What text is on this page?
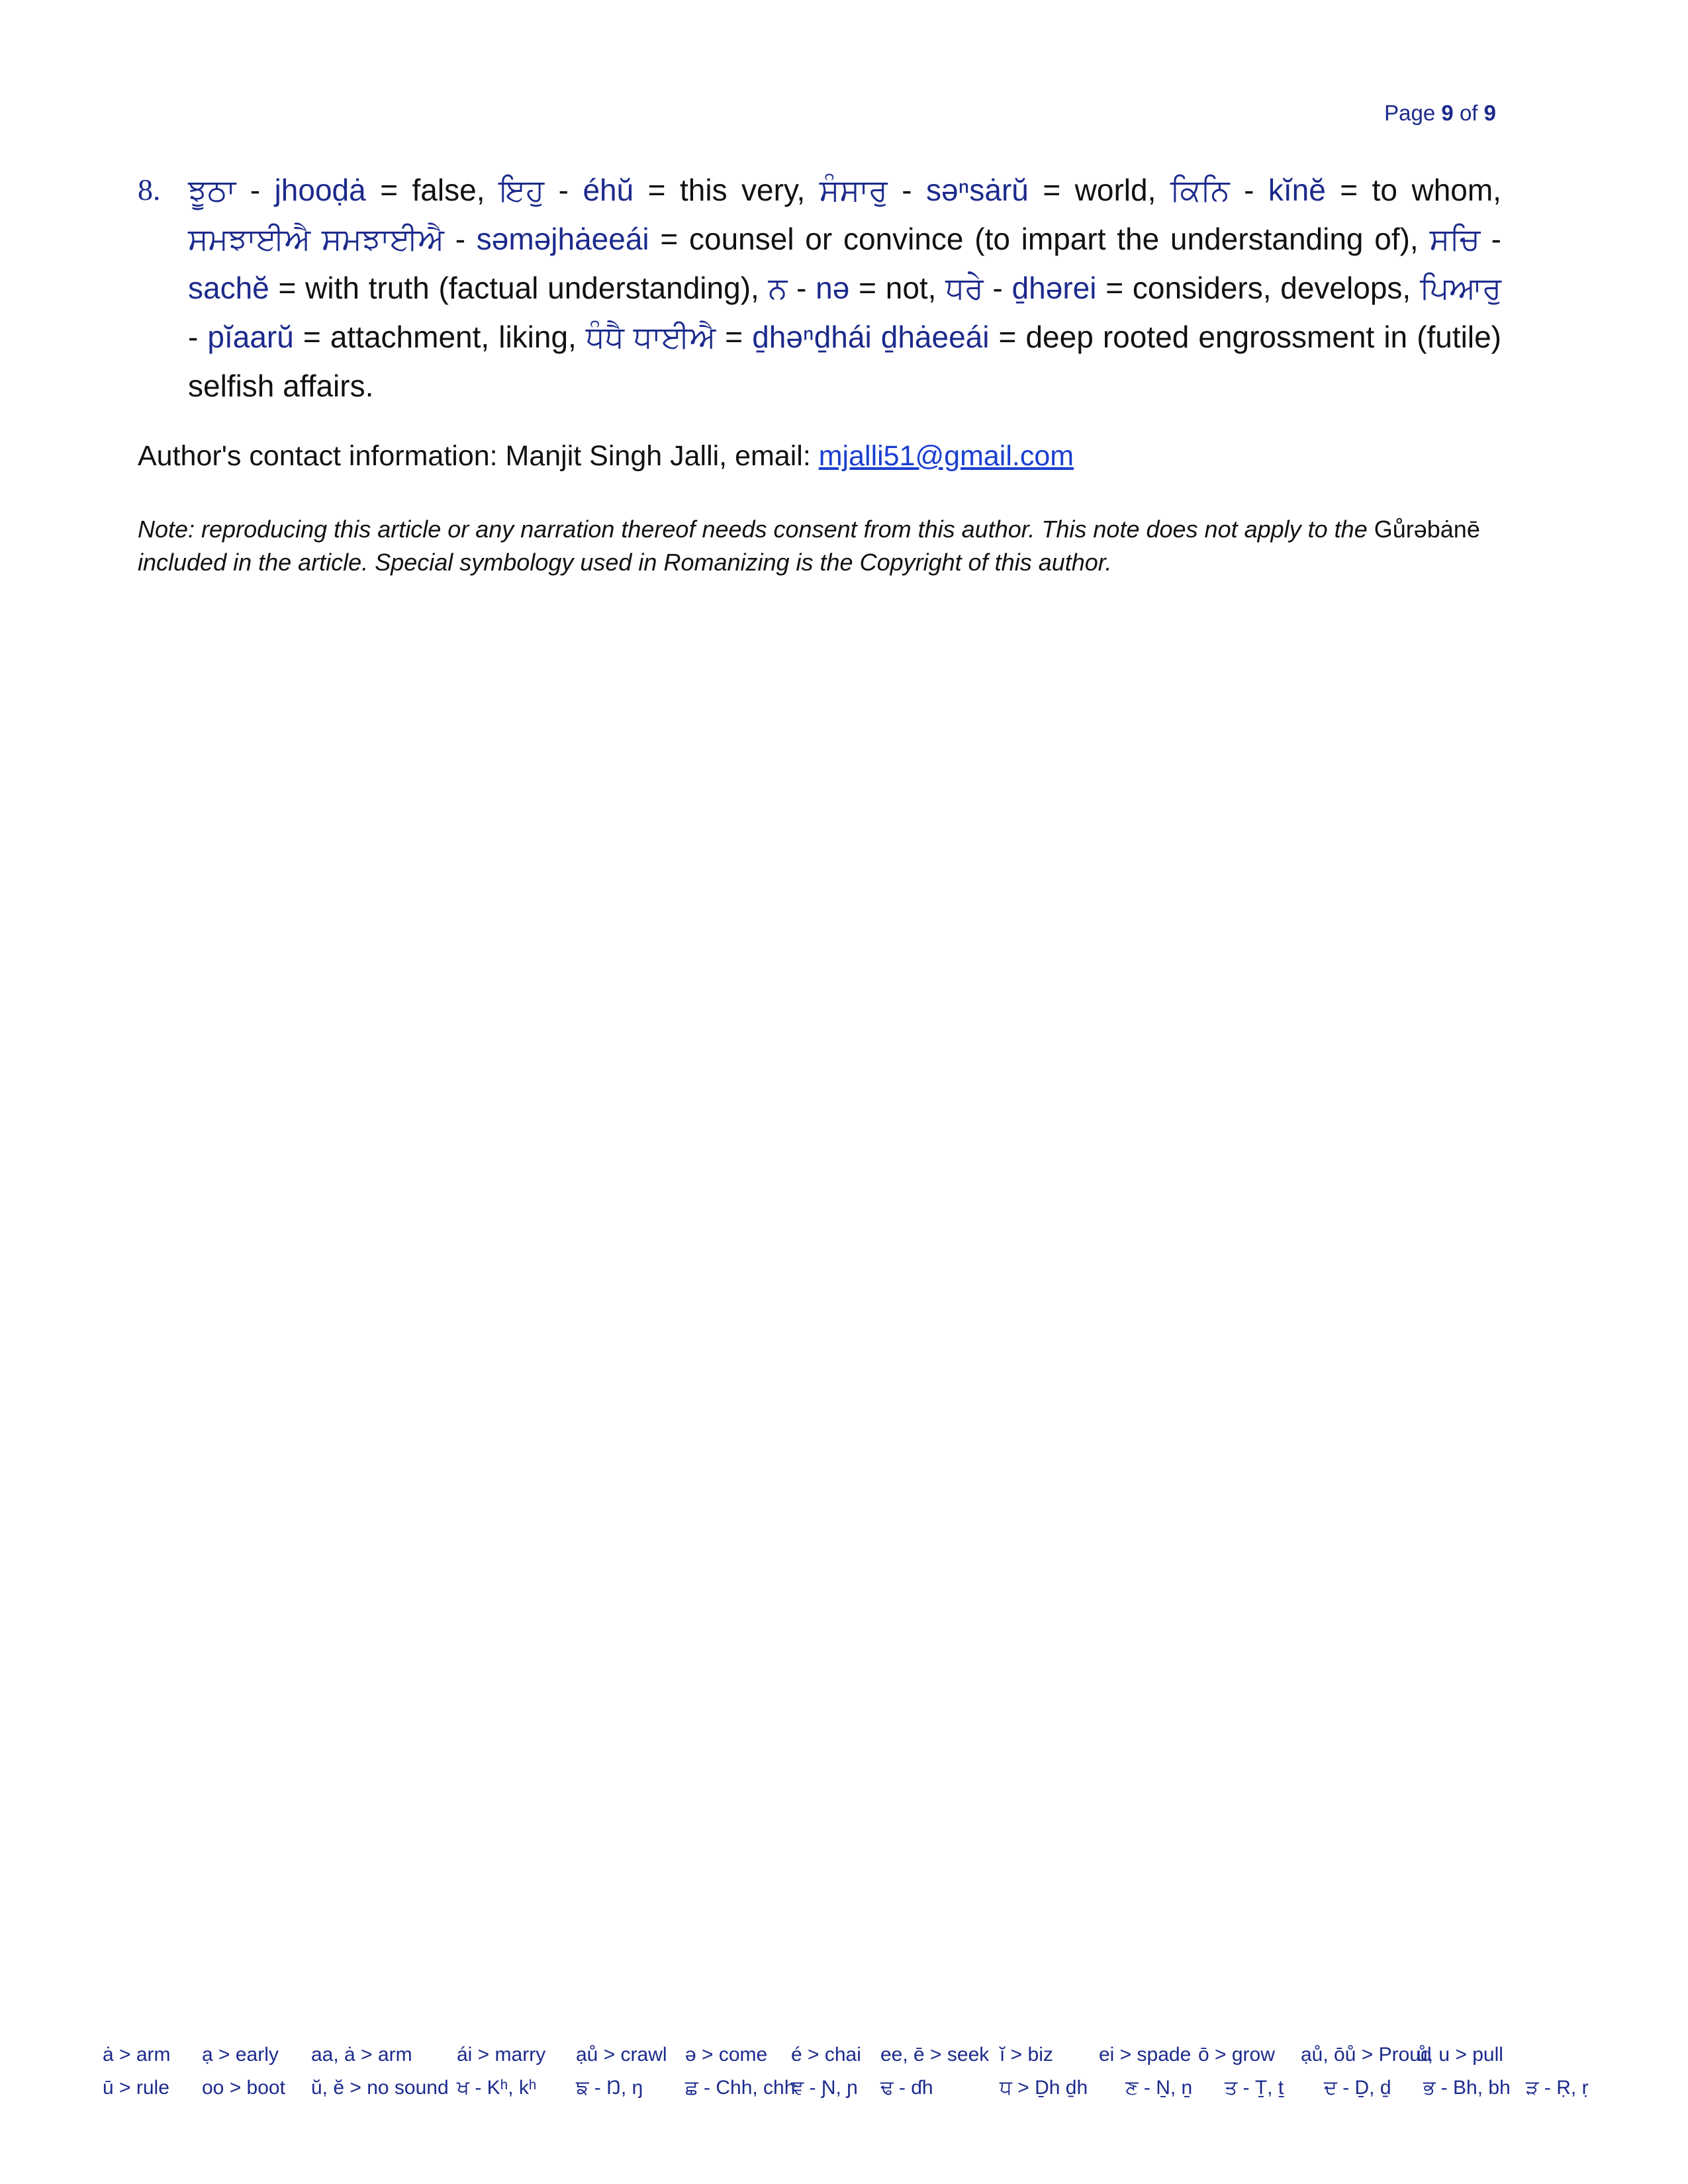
Page 9 of 9
8. ਝੂਠਾ - jhooḍȧ = false, ਇਹੁ - éhŭ = this very, ਸੰਸਾਰੁ - səⁿsȧrŭ = world, ਕਿਨਿ - kĭnĕ = to whom, ਸਮਝਾਈਐ ਸਮਝਾਈਐ - səməjhȧeeái = counsel or convince (to impart the understanding of), ਸਚਿ - sachĕ = with truth (factual understanding), ਨ - nə = not, ਧਰੇ - ḏhərei = considers, develops, ਪਿਆਰੁ - pĭaarŭ = attachment, liking, ਧੰਧੈ ਧਾਈਐ = ḏhəⁿḏhái ḏhȧeeái = deep rooted engrossment in (futile) selfish affairs.
Author's contact information: Manjit Singh Jalli, email: mjalli51@gmail.com
Note: reproducing this article or any narration thereof needs consent from this author. This note does not apply to the Gůrəbȧnē included in the article. Special symbology used in Romanizing is the Copyright of this author.
ȧ > arm ạ > early aa, ȧ > arm ái > marry ạů > crawl ə > come é > chai ee, ē > seek ĭ > biz ei > spade ō > grow ạů, ōů > Proud
ů, u > pull
ū > rule oo > boot ŭ, ĕ > no sound ਖ - Kʰ, kʰ ਙ - Ŋ, ŋ ਛ - Chh, chh
ਞ - Ɲ, ɲ ਢ - ɗh	ਧ > Ḏh ḏh ਣ - Ṉ, ṉ ਤ - Ṯ, ṯ ਦ - Ḏ, ḏ ਭ - Bh, bh ੜ - Ṛ, ṛ
